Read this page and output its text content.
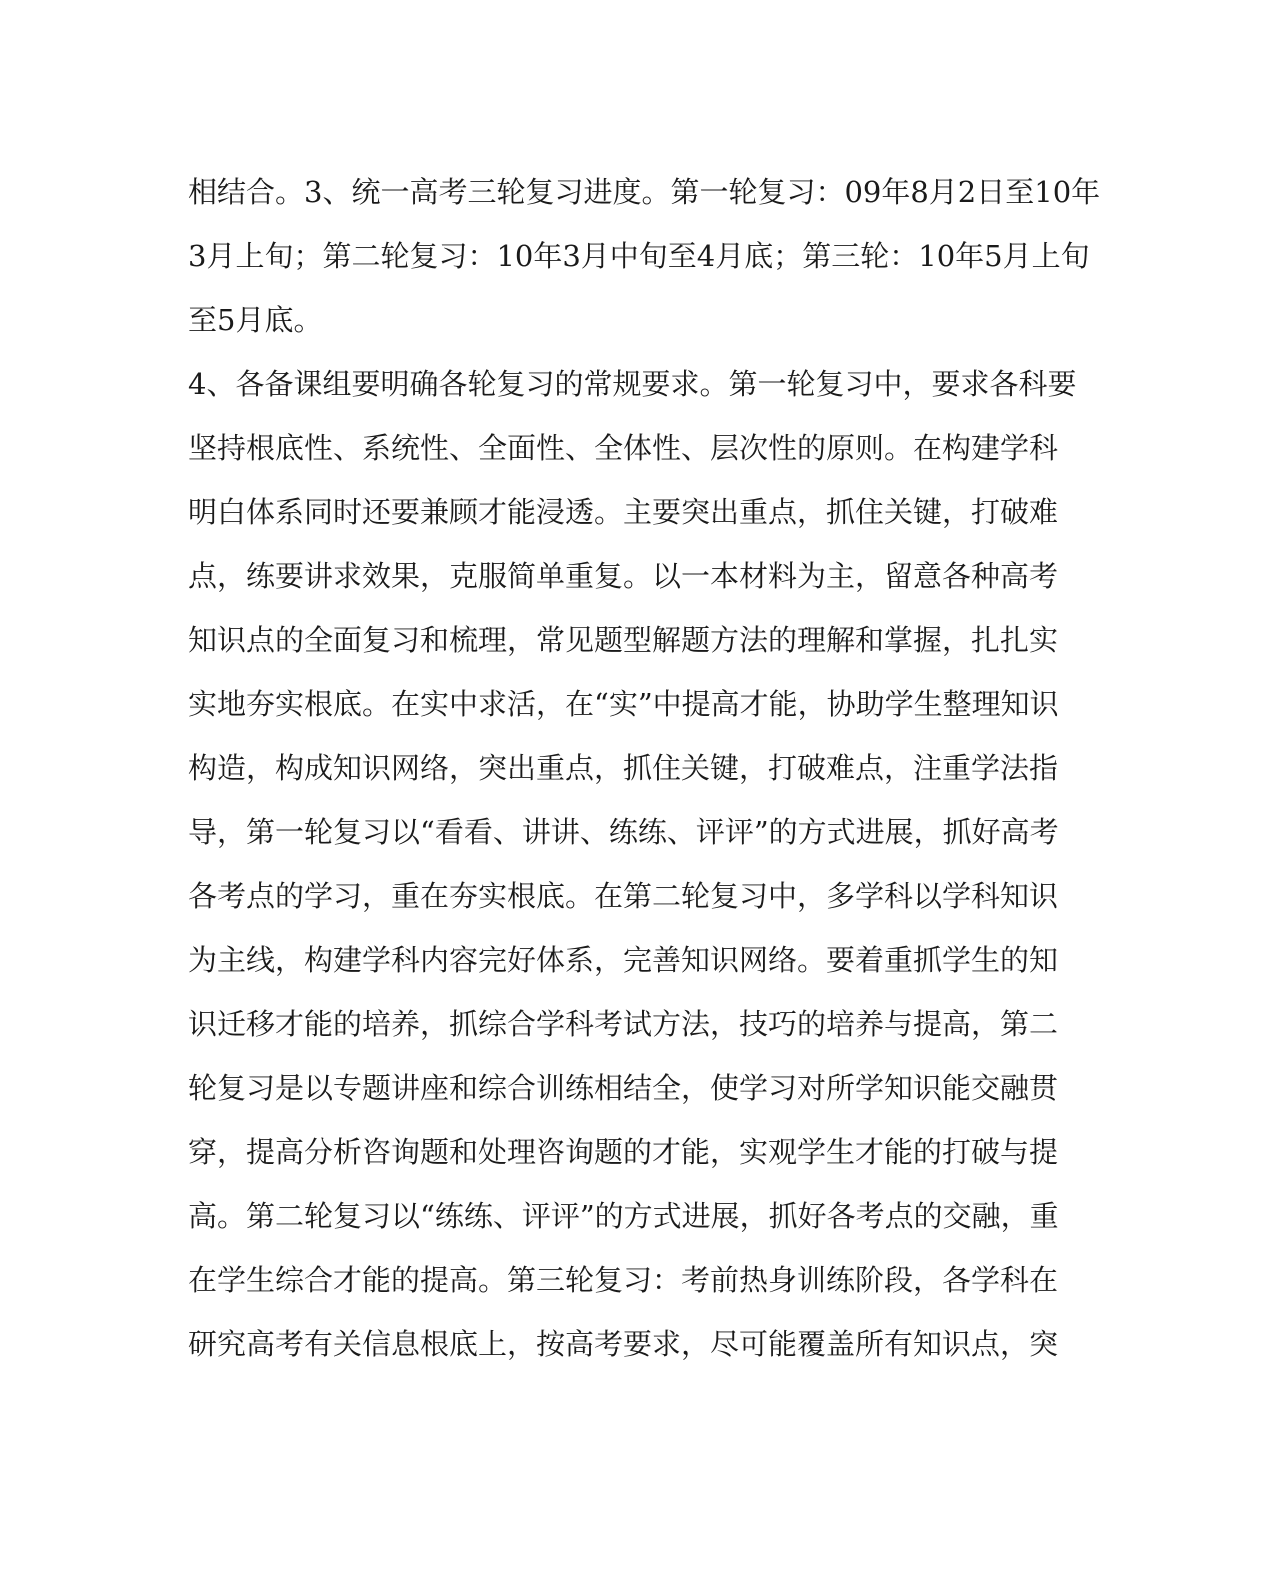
相结合。3、统一高考三轮复习进度。第一轮复习：09年8月2日至10年
3月上旬；第二轮复习：10年3月中旬至4月底；第三轮：10年5月上旬
至5月底。
4、各备课组要明确各轮复习的常规要求。第一轮复习中，要求各科要
坚持根底性、系统性、全面性、全体性、层次性的原则。在构建学科
明白体系同时还要兼顾才能浸透。主要突出重点，抓住关键，打破难
点，练要讲求效果，克服简单重复。以一本材料为主，留意各种高考
知识点的全面复习和梳理，常见题型解题方法的理解和掌握，扎扎实
实地夯实根底。在实中求活，在“实”中提高才能，协助学生整理知识
构造，构成知识网络，突出重点，抓住关键，打破难点，注重学法指
导，第一轮复习以“看看、讲讲、练练、评评”的方式进展，抓好高考
各考点的学习，重在夯实根底。在第二轮复习中，多学科以学科知识
为主线，构建学科内容完好体系，完善知识网络。要着重抓学生的知
识迁移才能的培养，抓综合学科考试方法，技巧的培养与提高，第二
轮复习是以专题讲座和综合训练相结全，使学习对所学知识能交融贯
穿，提高分析咨询题和处理咨询题的才能，实观学生才能的打破与提
高。第二轮复习以“练练、评评”的方式进展，抓好各考点的交融，重
在学生综合才能的提高。第三轮复习：考前热身训练阶段，各学科在
研究高考有关信息根底上，按高考要求，尽可能覆盖所有知识点，突
